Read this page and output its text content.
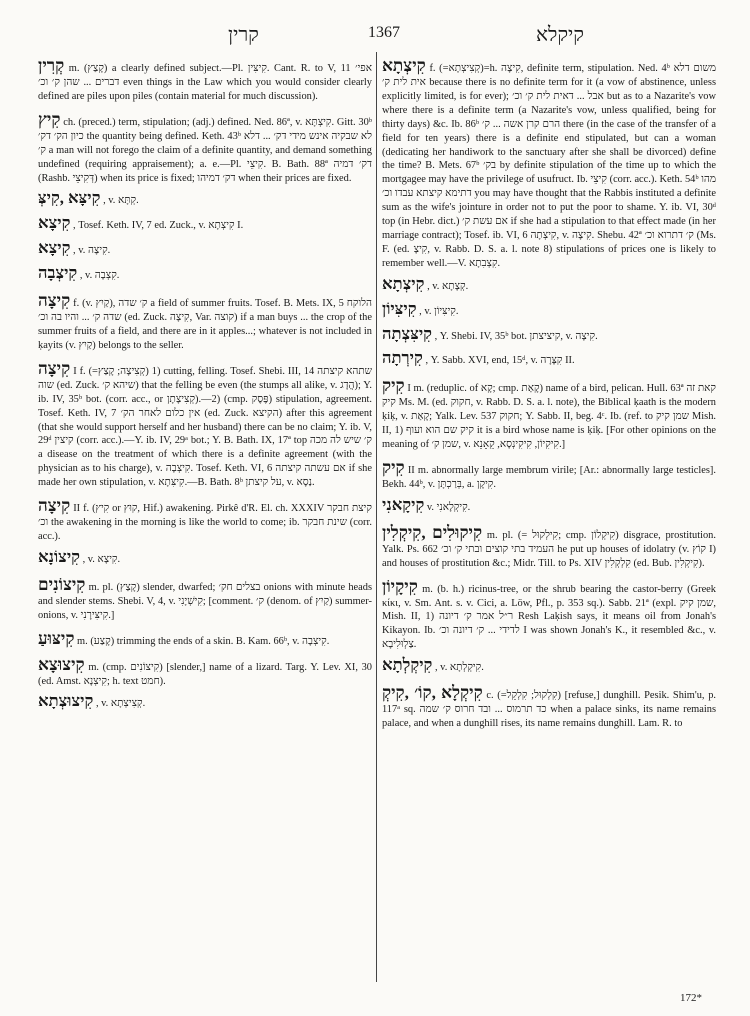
קרין	1367	קיקלא
קְרִין m. (קָצַץ) a clearly defined subject.—Pl. קִיצִּין. Cant. R. to V, 11 אפי׳ דברים ... שהן ק׳ וכ׳ even things in the Law which you would consider clearly defined are piles upon piles (contain material for much discussion).
קִיץ ch. (preced.) term, stipulation; (adj.) defined. Ned. 86ª, v. קִיצְתָּא. Gitt. 30ᵇ כיון הק׳ דק׳ the quantity being defined. Keth. 43ᵇ לא שבקיה אינש מידי דק׳ ... דלא ק׳ a man will not forego the claim of a definite quantity, and demand something undefined (requiring appraisement); a. e.—Pl. קִיצֵי. B. Bath. 88ª דק׳ דמיה (Rashb. דְּקִיצֵי) when its price is fixed; דק׳ דמיהו when their prices are fixed.
קִיצָּא ,קִיצְּ , v. קְתָּא.
קִיצָא , Tosef. Keth. IV, 7 ed. Zuck., v. קִיצְתָא I.
קִיצָא , v. קִיצָה.
קִיצְבָה , v. קִצְבָה.
קִיצָה f. (v. קַיִץ), ק׳ שדה a field of summer fruits. Tosef. B. Mets. IX, 5 הלוקח שדה ק׳ ... והיו בה וכ׳ (ed. Zuck. קִיצָה, Var. קוצה) if a man buys ... the crop of the summer fruits of a field, and there are in it apples...; whatever is not included in ḳayits (v. קַיִץ) belongs to the seller.
קִיצָה I f. (=קְצִיצָה; קָצַץ) 1) cutting, felling. Tosef. Shebi. III, 14 שתהא קיצתה שוה (ed. Zuck. שיהא ק׳) that the felling be even (the stumps all alike, v. הֲדָג); Y. ib. IV, 35ᵇ bot. (corr. acc., or קְצִיצָתָן).—2) (cmp. פֶּסֶק) stipulation, agreement. Tosef. Keth. IV, 7 אין כלום לאחר הק׳ (ed. Zuck. הקיצא) after this agreement (that she would support herself and her husband) there can be no claim; Y. ib. V, 29ᵈ קיצין (corr. acc.).—Y. ib. IV, 29ᵃ bot.; Y. B. Bath. IX, 17ª top ק׳ שיש לה מכה a disease on the treatment of which there is a definite agreement (with the physician as to his charge), v. קִיצְבָה. Tosef. Keth. VI, 6 אם עשתה קיצתה if she made her own stipulation, v. קִיצִּתָא.—B. Bath. 8ᵇ על קיצתן, v. נַסָא.
קִיצָה II f. (קִיץ or קוּץ, Hif.) awakening. Pirkê d'R. El. ch. XXXIV קיצת חבקר וכ׳ the awakening in the morning is like the world to come; ib. שינת חבקר (corr. acc.).
קִיצוֹנָא , v. קִיצָא.
קִיצוֹנִים m. pl. (קָצַץ) slender, dwarfed; בצלים חק׳ onions with minute heads and slender stems. Shebi. V, 4, v. קִישְׁיָנִי; [comment. ק׳ (denom. of קַיִץ) summer-onions, v. קִיצִּירָנִי.]
קִיצּוּעַ m. (קָצַע) trimming the ends of a skin. B. Kam. 66ᵇ, v. קִיצְבָה.
קִיצוּצָא m. (cmp. קִיצוֹנִים) [slender,] name of a lizard. Targ. Y. Lev. XI, 30 (ed. Amst. קִיצְנָא; h. text חמט).
קִיצוּצְתָא , v. קְצִיצְתָא.
קִיצְתָא f. (=קְצִיצְתָא)=h. קִיצָה, definite term, stipulation. Ned. 4ᵇ משום דלא אית לית ק׳ because there is no definite term for it (a vow of abstinence, unless explicitly limited, is for ever); אבל ... דאית לית ק׳ וכ׳ but as to a Nazarite's vow where there is a definite term (a Nazarite's vow, unless qualified, being for thirty days) &c. Ib. 86ᵇ הרם קרן אשה ... ק׳ there (in the case of the transfer of a field for ten years) there is a definite end stipulated, but can a woman (dedicating her handiwork to the sanctuary after she shall be divorced) define the time? B. Mets. 67ᵇ בק׳ by definite stipulation of the time up to which the mortgagee may have the privilege of usufruct. Ib. קִיצֵי (corr. acc.). Keth. 54ᵇ מהו דתימא קיצתא עבדו וכ׳ you may have thought that the Rabbis instituted a definite sum as the wife's jointure in order not to put the poor to shame. Y. ib. VI, 30ᵈ top (in Hebr. dict.) אם עשת ק׳ if she had a stipulation to that effect made (in her marriage contract); Tosef. ib. VI, 6 קִיצְתָה, v. קִיצָה. Shebu. 42ª ק׳ דתרוא וכ׳ (Ms. F. (ed. קִיצָ, v. Rabb. D. S. a. l. note 8) stipulations of prices one is likely to remember well.—V. קִצְבִתָא.
קִיצְתָא , v. קְצָתָא.
קִיצִּיוֹן , v. קִיצִּיוֹן.
קִיצִּצְתָה , Y. Shebi. IV, 35ᵇ bot. קיציצתן, v. קִיצָה.
קִירְתָה , Y. Sabb. XVI, end, 15ᵈ, v. קִצָּרָה II.
קִיק I m. (reduplic. of קָא; cmp. קָאַת) name of a bird, pelican. Hull. 63ª קאת זה קיק Ms. M. (ed. חקוק, v. Rabb. D. S. a. l. note), the Biblical ḳaath is the modern ḳiḳ, v. קָאַת; Yalk. Lev. 537 חקוק; Y. Sabb. II, beg. 4ᶜ. Ib. (ref. to שמן קיק Mish. II, 1) קיק שם הוא ועוף it is a bird whose name is ḳiḳ. [For other opinions on the meaning of שמן ק׳, v. קִיקִיוֹן, קִיקִינְסָא, קֵאָנֵא.]
קִיק II m. abnormally large membrum virile; [Ar.: abnormally large testicles]. Bekh. 44ᵇ, v. בְּרַכְתָּן, a. קִיקָן.
קִיקָאנִי v. קִיקְלָאנִי.
קִיקוּלִים ,קִיקְלִין m. pl. (= קִילְקוּל; cmp. קִיקְלוֹן) disgrace, prostitution. Yalk. Ps. 662 העמיד בתי קוצים ובתי ק׳ וכ׳ he put up houses of idolatry (v. קוֹץ I) and houses of prostitution &c.; Midr. Till. to Ps. XIV קִלְקְלִין (ed. Bub. קִיקְלִין).
קִיקָיוֹן m. (b. h.) ricinus-tree, or the shrub bearing the castor-berry (Greek κίκι, v. Sm. Ant. s. v. Cici, a. Löw, Pfl., p. 353 sq.). Sabb. 21ª (expl. שמן קיק, Mish. II, 1) ר״ל אמר ק׳ דיונה Resh Laḳish says, it means oil from Jonah's Kikayon. Ib. לדידי ... ק׳ דיונה וכ׳ I was shown Jonah's K., it resembled &c., v. צַלְוּלִיבָא.
קִיקְלְתָא , v. קִיקְלְתָא.
קִיקְלָא ,קוֹ׳ ,קִיקְ c. (=קִלְקוּל; קִלְקֵל) [refuse,] dunghill. Pesik. Shim'u, p. 117ᵃ sq. כד תרמוס ... ובד חרוס ק׳ שמה when a palace sinks, its name remains palace, and when a dunghill rises, its name remains dunghill. Lam. R. to
172*
